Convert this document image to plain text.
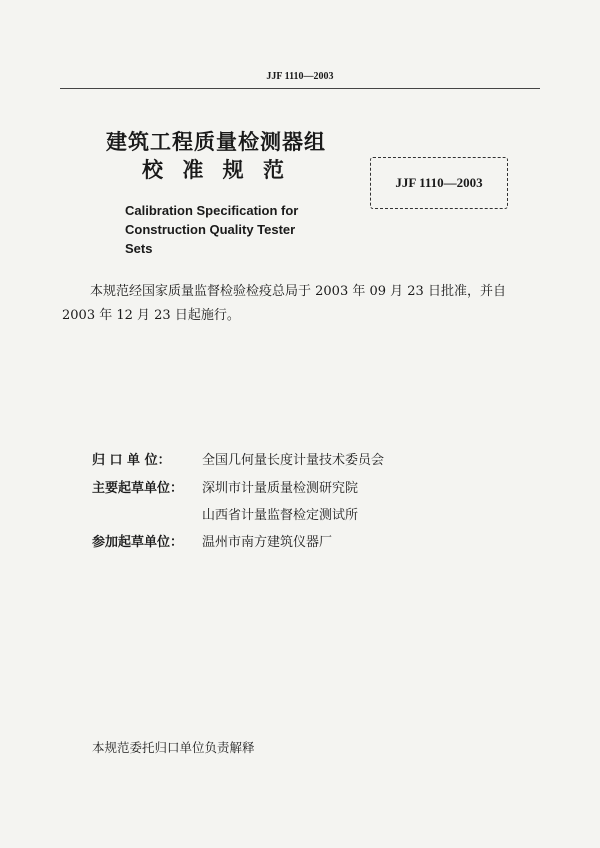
JJF 1110—2003
建筑工程质量检测器组
校 准 规 范
JJF 1110—2003
Calibration Specification for
Construction Quality Tester Sets
本规范经国家质量监督检验检疫总局于 2003 年 09 月 23 日批准，并自 2003 年 12 月 23 日起施行。
归 口 单 位： 全国几何量长度计量技术委员会
主要起草单位： 深圳市计量质量检测研究院
山西省计量监督检定测试所
参加起草单位： 温州市南方建筑仪器厂
本规范委托归口单位负责解释
